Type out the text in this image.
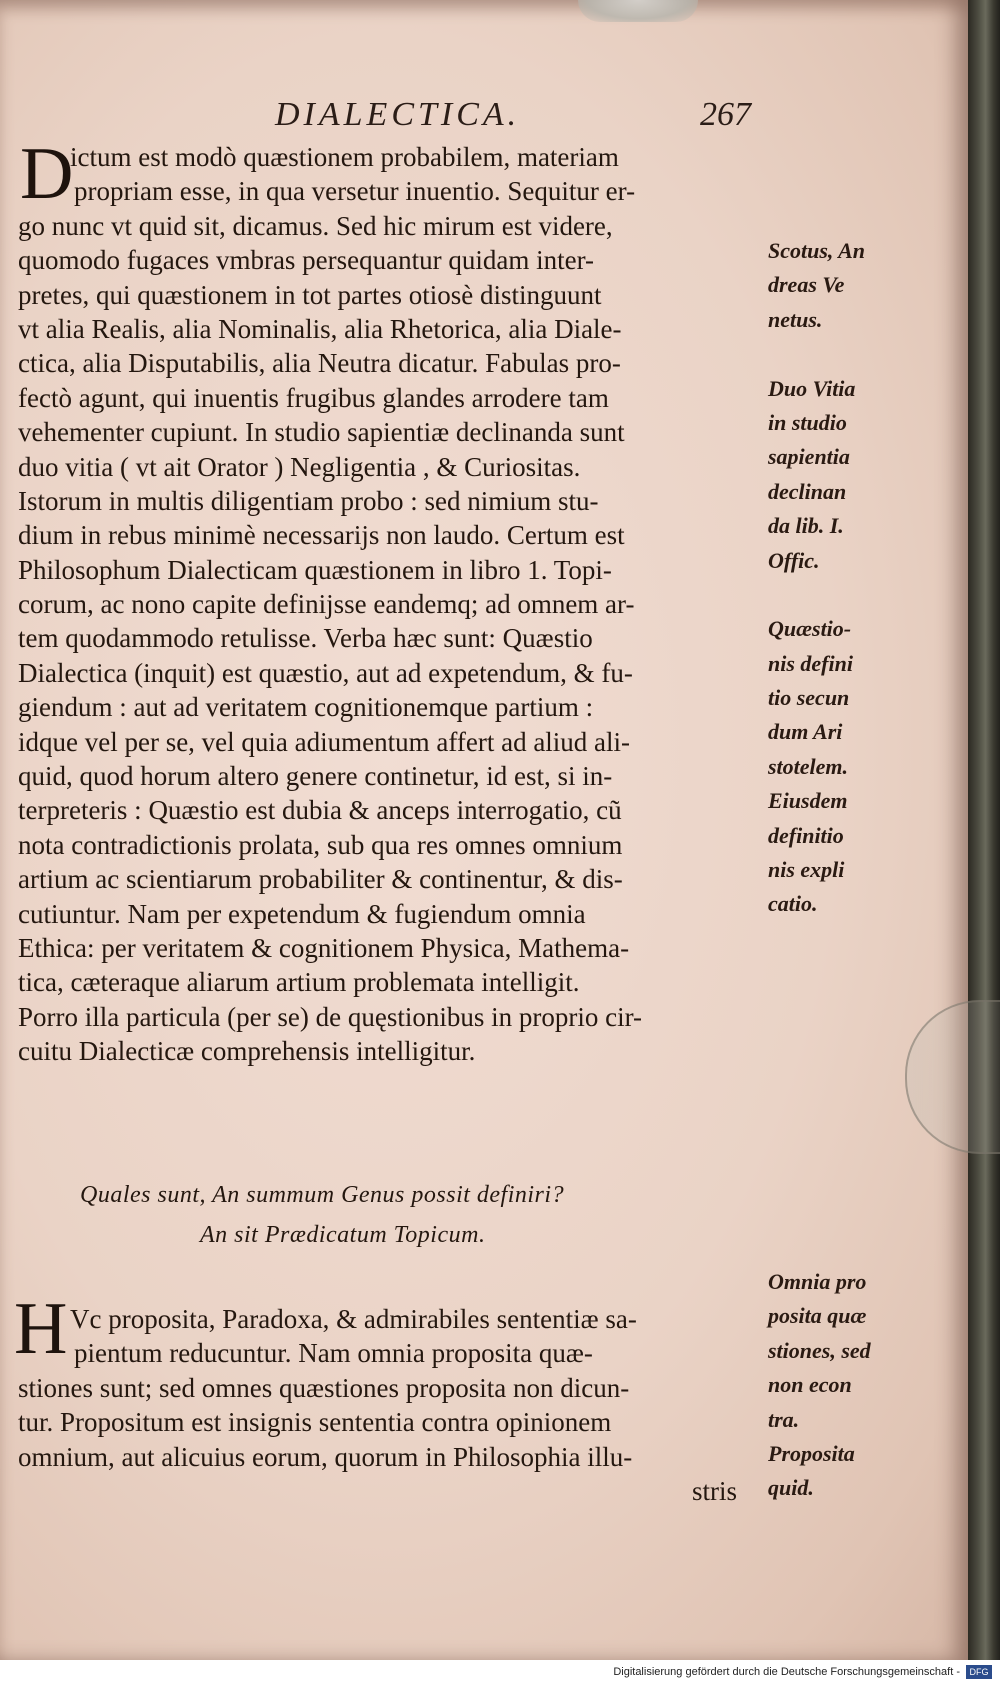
DIALECTICA.	267
D
ictum est modò quæstionem probabilem, materiam
propriam esse, in qua versetur inuentio. Sequitur er-
go nunc vt quid sit, dicamus. Sed hic mirum est videre,
quomodo fugaces vmbras persequantur quidam inter-
pretes, qui quæstionem in tot partes otiosè distinguunt
vt alia Realis, alia Nominalis, alia Rhetorica, alia Diale-
ctica, alia Disputabilis, alia Neutra dicatur. Fabulas pro-
fectò agunt, qui inuentis frugibus glandes arrodere tam
vehementer cupiunt. In studio sapientiæ declinanda sunt
duo vitia ( vt ait Orator ) Negligentia , & Curiositas.
Istorum in multis diligentiam probo : sed nimium stu-
dium in rebus minimè necessarijs non laudo. Certum est
Philosophum Dialecticam quæstionem in libro 1. Topi-
corum, ac nono capite definijsse eandemq; ad omnem ar-
tem quodammodo retulisse. Verba hæc sunt: Quæstio
Dialectica (inquit) est quæstio, aut ad expetendum, & fu-
giendum : aut ad veritatem cognitionemque partium :
idque vel per se, vel quia adiumentum affert ad aliud ali-
quid, quod horum altero genere continetur, id est, si in-
terpreteris : Quæstio est dubia & anceps interrogatio, cũ
nota contradictionis prolata, sub qua res omnes omnium
artium ac scientiarum probabiliter & continentur, & dis-
cutiuntur. Nam per expetendum & fugiendum omnia
Ethica: per veritatem & cognitionem Physica, Mathema-
tica, cæteraque aliarum artium problemata intelligit.
Porro illa particula (per se) de quęstionibus in proprio cir-
cuitu Dialecticæ comprehensis intelligitur.
Scotus, An
dreas Ve
netus.
Duo Vitia
in studio
sapientia
declinan
da lib. I.
Offic.
Quæstio-
nis defini
tio secun
dum Ari
stotelem.
Eiusdem
definitio
nis expli
catio.
Quales sunt, An summum Genus possit definiri?
An sit Prædicatum Topicum.
H Vc proposita, Paradoxa, & admirabiles sententiæ sa-
pientum reducuntur. Nam omnia proposita quæ-
stiones sunt; sed omnes quæstiones proposita non dicun-
tur. Propositum est insignis sententia contra opinionem
omnium, aut alicuius eorum, quorum in Philosophia illu-
stris
Omnia pro
posita quæ
stiones, sed
non econ
tra.
Proposita
quid.
Digitalisierung gefördert durch die Deutsche Forschungsgemeinschaft -	DFG
